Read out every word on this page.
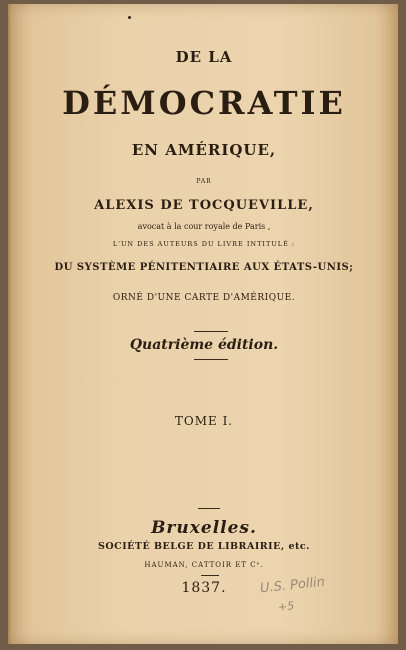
DE LA
DÉMOCRATIE
EN AMÉRIQUE,
PAR
ALEXIS DE TOCQUEVILLE,
avocat à la cour royale de Paris ,
L'UN DES AUTEURS DU LIVRE INTITULÉ :
DU SYSTÈME PÉNITENTIAIRE AUX ÉTATS-UNIS;
ORNÉ D'UNE CARTE D'AMÉRIQUE.
Quatrième édition.
TOME I.
Bruxelles.
SOCIÉTÉ BELGE DE LIBRAIRIE, etc.
HAUMAN, CATTOIR ET Cᵉ.
1837.	U.S. Pollin
+5
